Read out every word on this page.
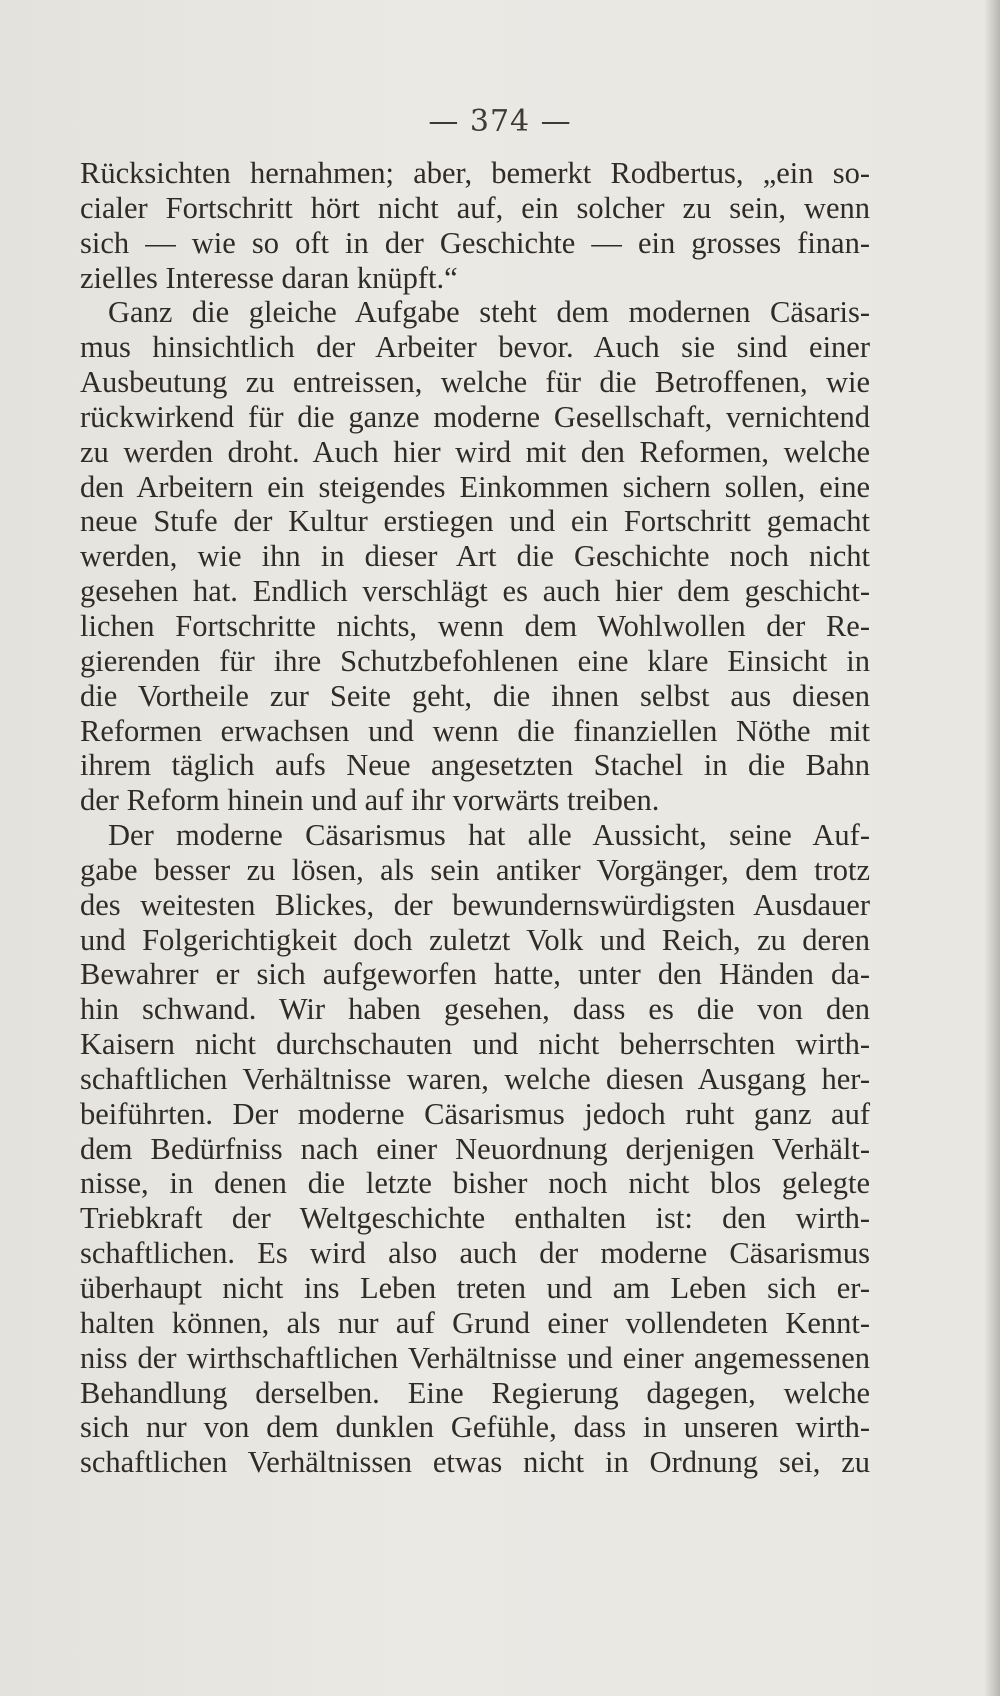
— 374 —

Rücksichten hernahmen; aber, bemerkt Rodbertus, „ein so-
cialer Fortschritt hört nicht auf, ein solcher zu sein, wenn
sich — wie so oft in der Geschichte — ein grosses finan-
zielles Interesse daran knüpft.“
Ganz die gleiche Aufgabe steht dem modernen Cäsaris-
mus hinsichtlich der Arbeiter bevor. Auch sie sind einer
Ausbeutung zu entreissen, welche für die Betroffenen, wie
rückwirkend für die ganze moderne Gesellschaft, vernichtend
zu werden droht. Auch hier wird mit den Reformen, welche
den Arbeitern ein steigendes Einkommen sichern sollen, eine
neue Stufe der Kultur erstiegen und ein Fortschritt gemacht
werden, wie ihn in dieser Art die Geschichte noch nicht
gesehen hat. Endlich verschlägt es auch hier dem geschicht-
lichen Fortschritte nichts, wenn dem Wohlwollen der Re-
gierenden für ihre Schutzbefohlenen eine klare Einsicht in
die Vortheile zur Seite geht, die ihnen selbst aus diesen
Reformen erwachsen und wenn die finanziellen Nöthe mit
ihrem täglich aufs Neue angesetzten Stachel in die Bahn
der Reform hinein und auf ihr vorwärts treiben.
Der moderne Cäsarismus hat alle Aussicht, seine Auf-
gabe besser zu lösen, als sein antiker Vorgänger, dem trotz
des weitesten Blickes, der bewundernswürdigsten Ausdauer
und Folgerichtigkeit doch zuletzt Volk und Reich, zu deren
Bewahrer er sich aufgeworfen hatte, unter den Händen da-
hin schwand. Wir haben gesehen, dass es die von den
Kaisern nicht durchschauten und nicht beherrschten wirth-
schaftlichen Verhältnisse waren, welche diesen Ausgang her-
beiführten. Der moderne Cäsarismus jedoch ruht ganz auf
dem Bedürfniss nach einer Neuordnung derjenigen Verhält-
nisse, in denen die letzte bisher noch nicht blos gelegte
Triebkraft der Weltgeschichte enthalten ist: den wirth-
schaftlichen. Es wird also auch der moderne Cäsarismus
überhaupt nicht ins Leben treten und am Leben sich er-
halten können, als nur auf Grund einer vollendeten Kennt-
niss der wirthschaftlichen Verhältnisse und einer angemessenen
Behandlung derselben. Eine Regierung dagegen, welche
sich nur von dem dunklen Gefühle, dass in unseren wirth-
schaftlichen Verhältnissen etwas nicht in Ordnung sei, zu
